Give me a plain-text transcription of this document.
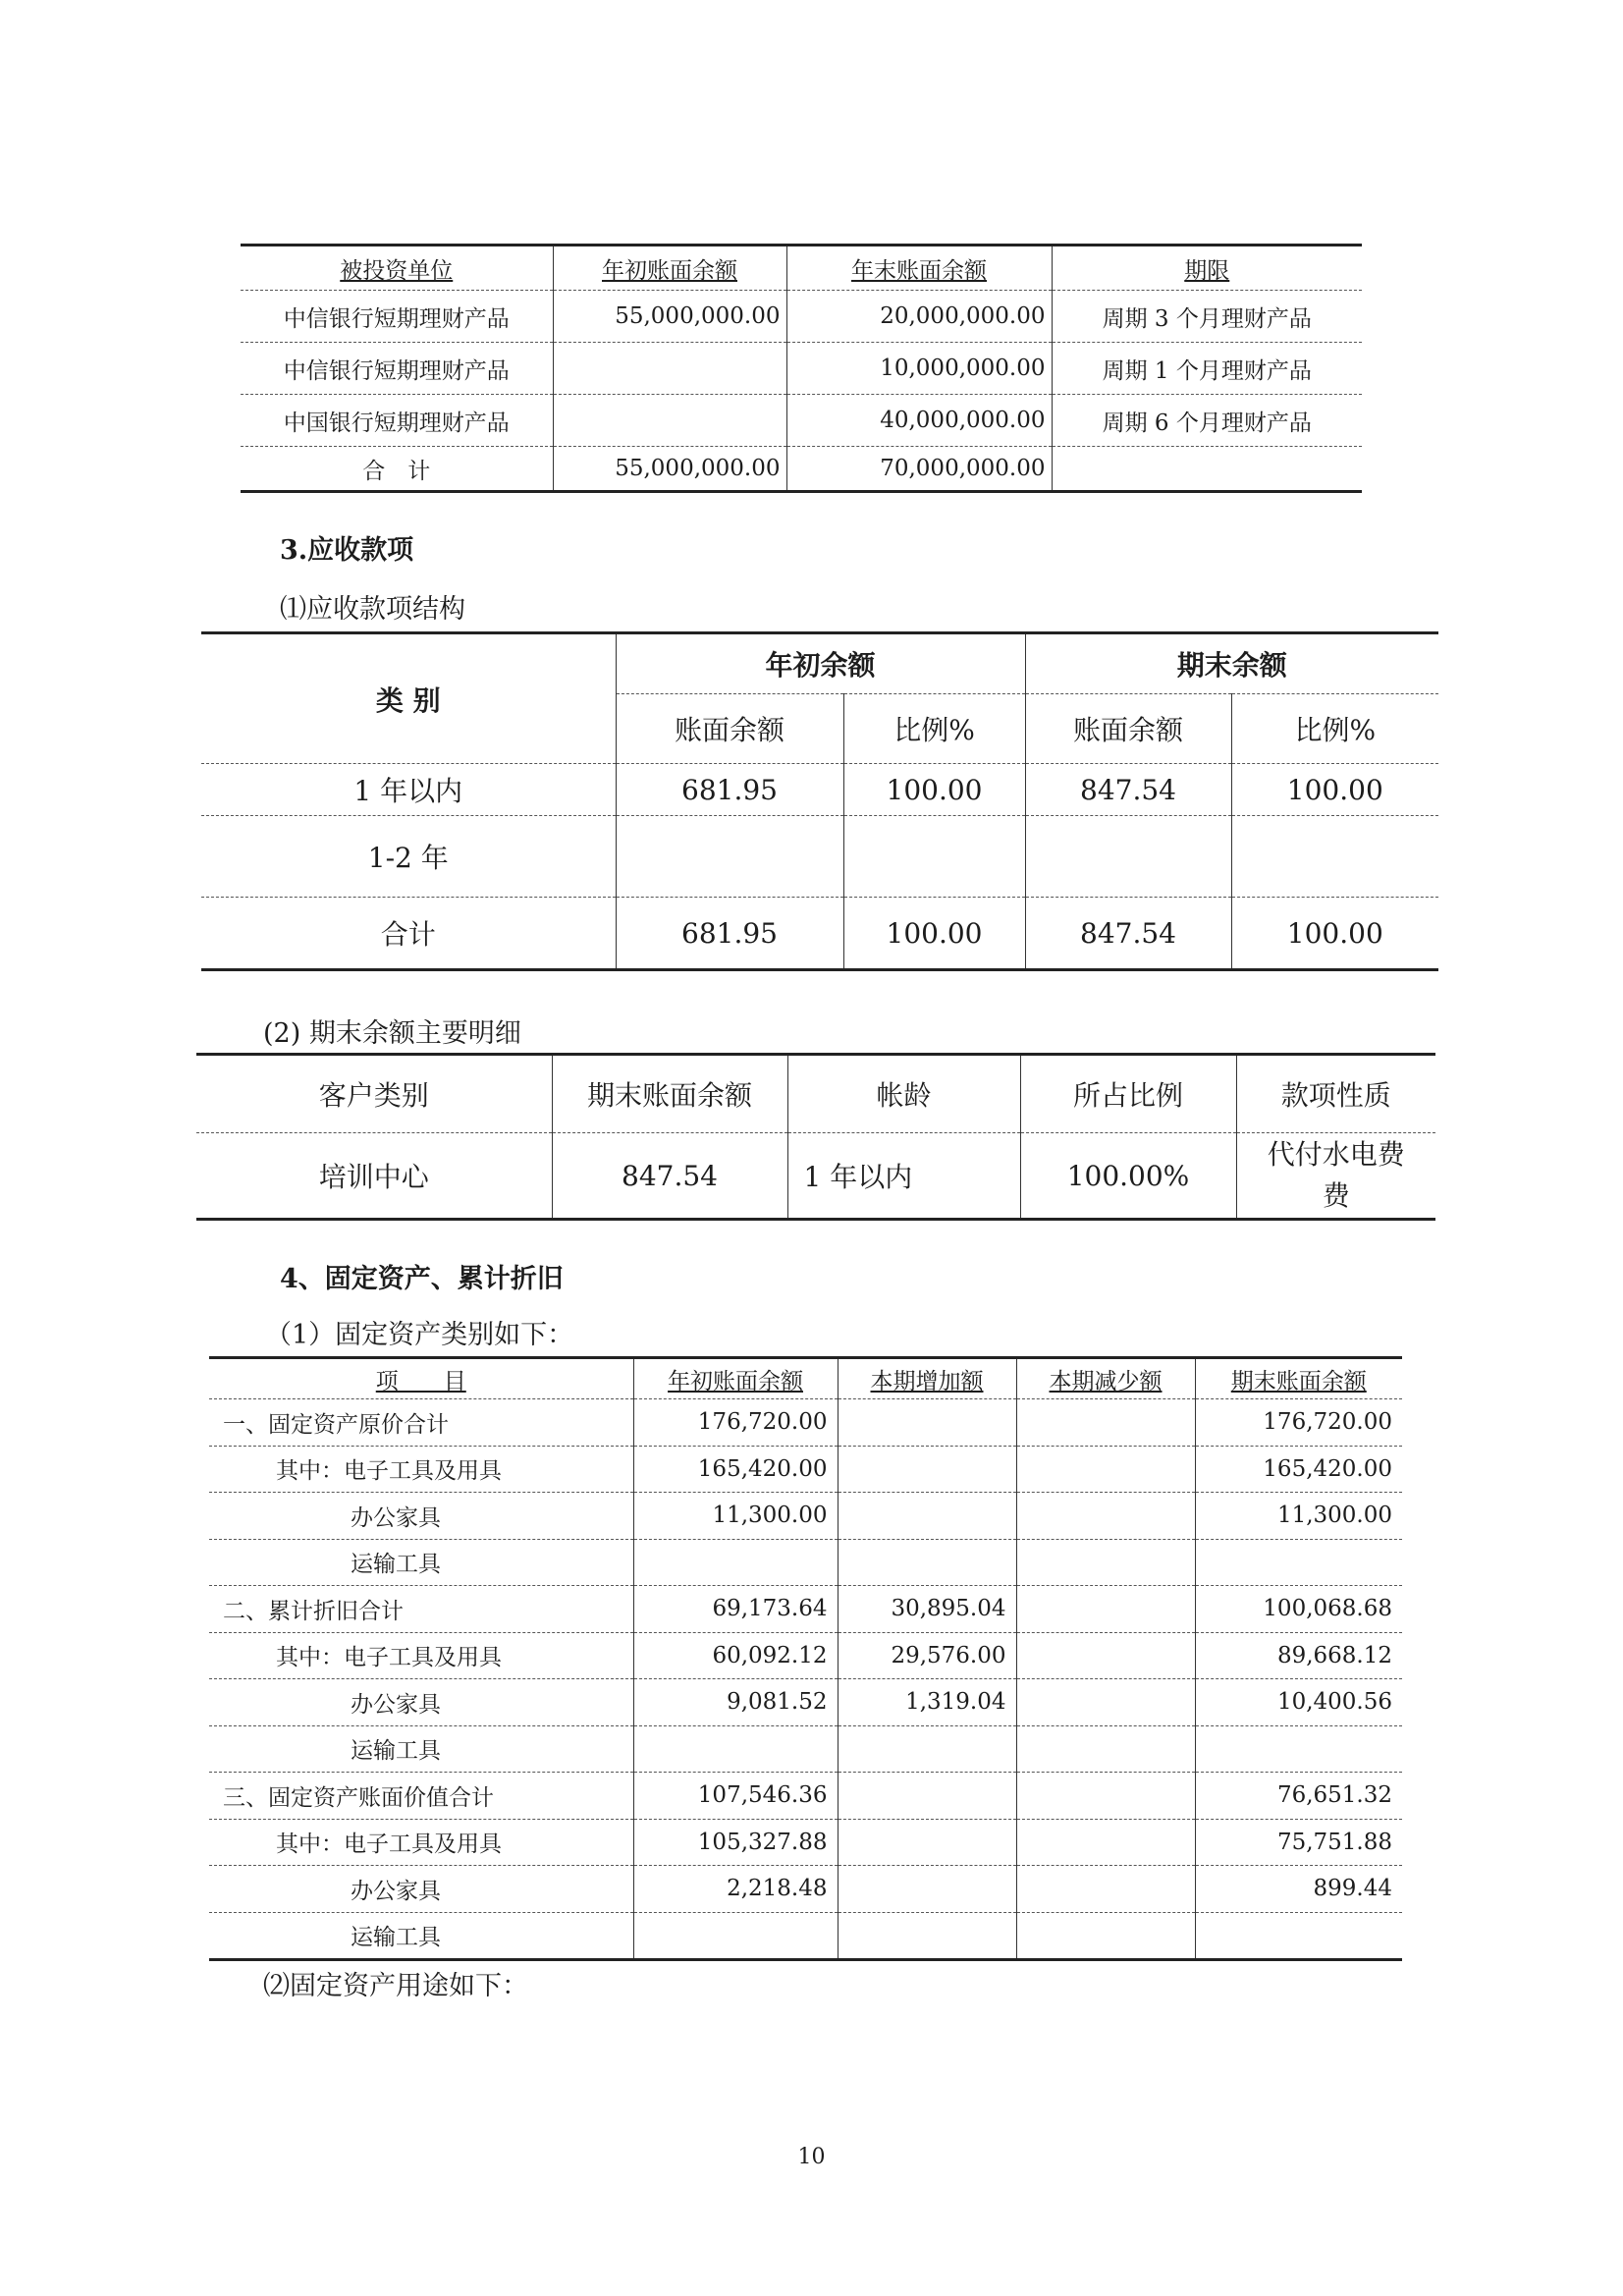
被投资单位	年初账面余额	年末账面余额	期限
中信银行短期理财产品	55,000,000.00	20,000,000.00	周期 3 个月理财产品
中信银行短期理财产品		10,000,000.00	周期 1 个月理财产品
中国银行短期理财产品		40,000,000.00	周期 6 个月理财产品
合　计	55,000,000.00	70,000,000.00	
3.应收款项
⑴应收款项结构
类 别	年初余额		期末余额	
	账面余额	比例%	账面余额	比例%
1 年以内	681.95	100.00	847.54	100.00
1-2 年				
合计	681.95	100.00	847.54	100.00
(2) 期末余额主要明细
客户类别	期末账面余额	帐龄	所占比例	款项性质
培训中心	847.54	1 年以内	100.00%	代付水电费
费
4、固定资产、累计折旧
（1）固定资产类别如下：
项　　目	年初账面余额	本期增加额	本期减少额	期末账面余额
一、固定资产原价合计	176,720.00			176,720.00
其中：电子工具及用具	165,420.00			165,420.00
办公家具	11,300.00			11,300.00
运输工具				
二、累计折旧合计	69,173.64	30,895.04		100,068.68
其中：电子工具及用具	60,092.12	29,576.00		89,668.12
办公家具	9,081.52	1,319.04		10,400.56
运输工具				
三、固定资产账面价值合计	107,546.36			76,651.32
其中：电子工具及用具	105,327.88			75,751.88
办公家具	2,218.48			899.44
运输工具				
⑵固定资产用途如下：
10
